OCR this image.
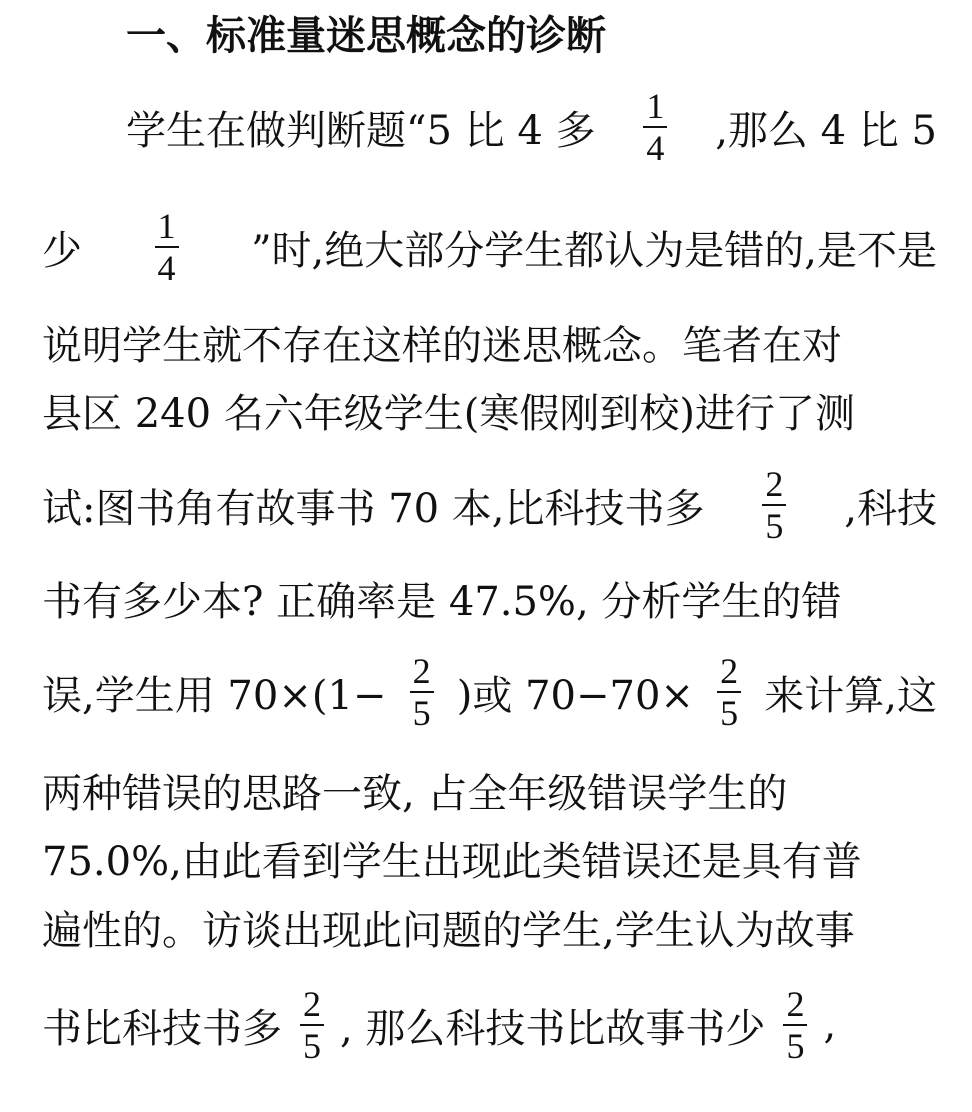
一、标准量迷思概念的诊断
学生在做判断题“5 比 4 多 $\frac{1}{4}$ ,那么 4 比 5
少 $\frac{1}{4}$ ”时,绝大部分学生都认为是错的,是不是
说明学生就不存在这样的迷思概念。笔者在对
县区 240 名六年级学生(寒假刚到校)进行了测
试:图书角有故事书 70 本,比科技书多 $\frac{2}{5}$ ,科技
书有多少本? 正确率是 47.5%, 分析学生的错
误,学生用 $70\times(1- \frac{2}{5}$ )或 $70-70\times \frac{2}{5}$ 来计算,这
两种错误的思路一致, 占全年级错误学生的
75.0%,由此看到学生出现此类错误还是具有普
遍性的。访谈出现此问题的学生,学生认为故事
书比科技书多 $\frac{2}{5}$ , 那么科技书比故事书少 $\frac{2}{5}$ ,
